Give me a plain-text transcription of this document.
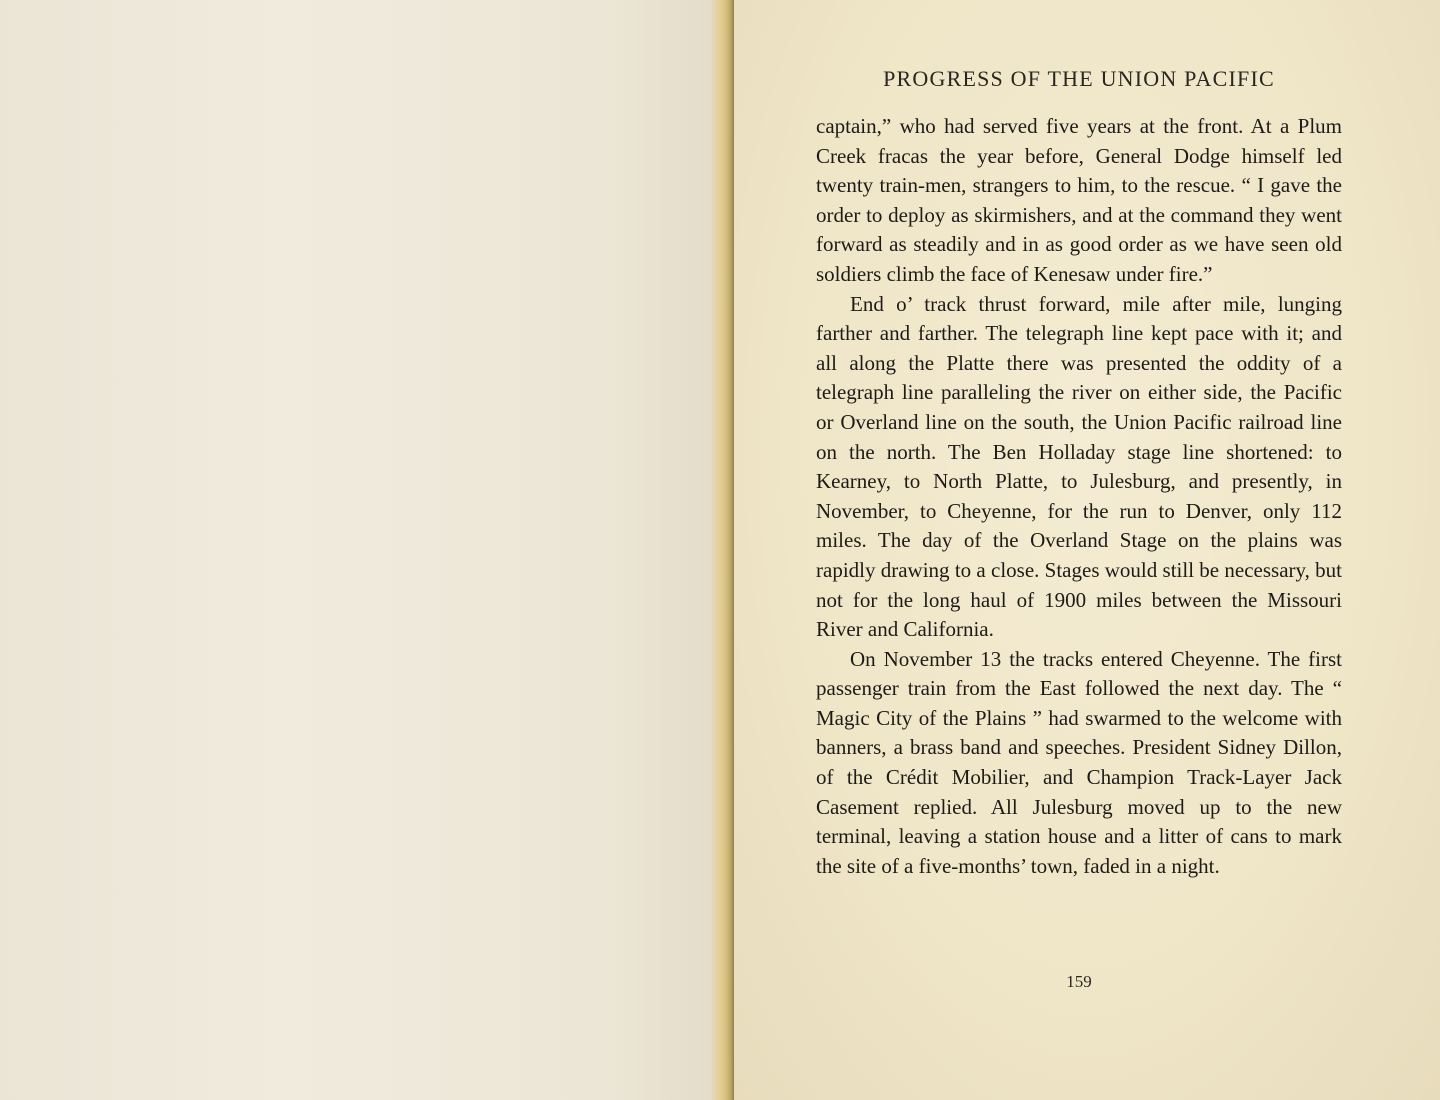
PROGRESS OF THE UNION PACIFIC

captain,” who had served five years at the front. At a Plum Creek fracas the year before, General Dodge himself led twenty train-men, strangers to him, to the rescue. “ I gave the order to deploy as skirmishers, and at the command they went forward as steadily and in as good order as we have seen old soldiers climb the face of Kenesaw under fire.”

End o’ track thrust forward, mile after mile, lunging farther and farther. The telegraph line kept pace with it; and all along the Platte there was presented the oddity of a telegraph line paralleling the river on either side, the Pacific or Overland line on the south, the Union Pacific railroad line on the north. The Ben Holladay stage line shortened: to Kearney, to North Platte, to Julesburg, and presently, in November, to Cheyenne, for the run to Denver, only 112 miles. The day of the Overland Stage on the plains was rapidly drawing to a close. Stages would still be necessary, but not for the long haul of 1900 miles between the Missouri River and California.

On November 13 the tracks entered Cheyenne. The first passenger train from the East followed the next day. The “ Magic City of the Plains ” had swarmed to the welcome with banners, a brass band and speeches. President Sidney Dillon, of the Crédit Mobilier, and Champion Track-Layer Jack Casement replied. All Julesburg moved up to the new terminal, leaving a station house and a litter of cans to mark the site of a five-months’ town, faded in a night.

159
